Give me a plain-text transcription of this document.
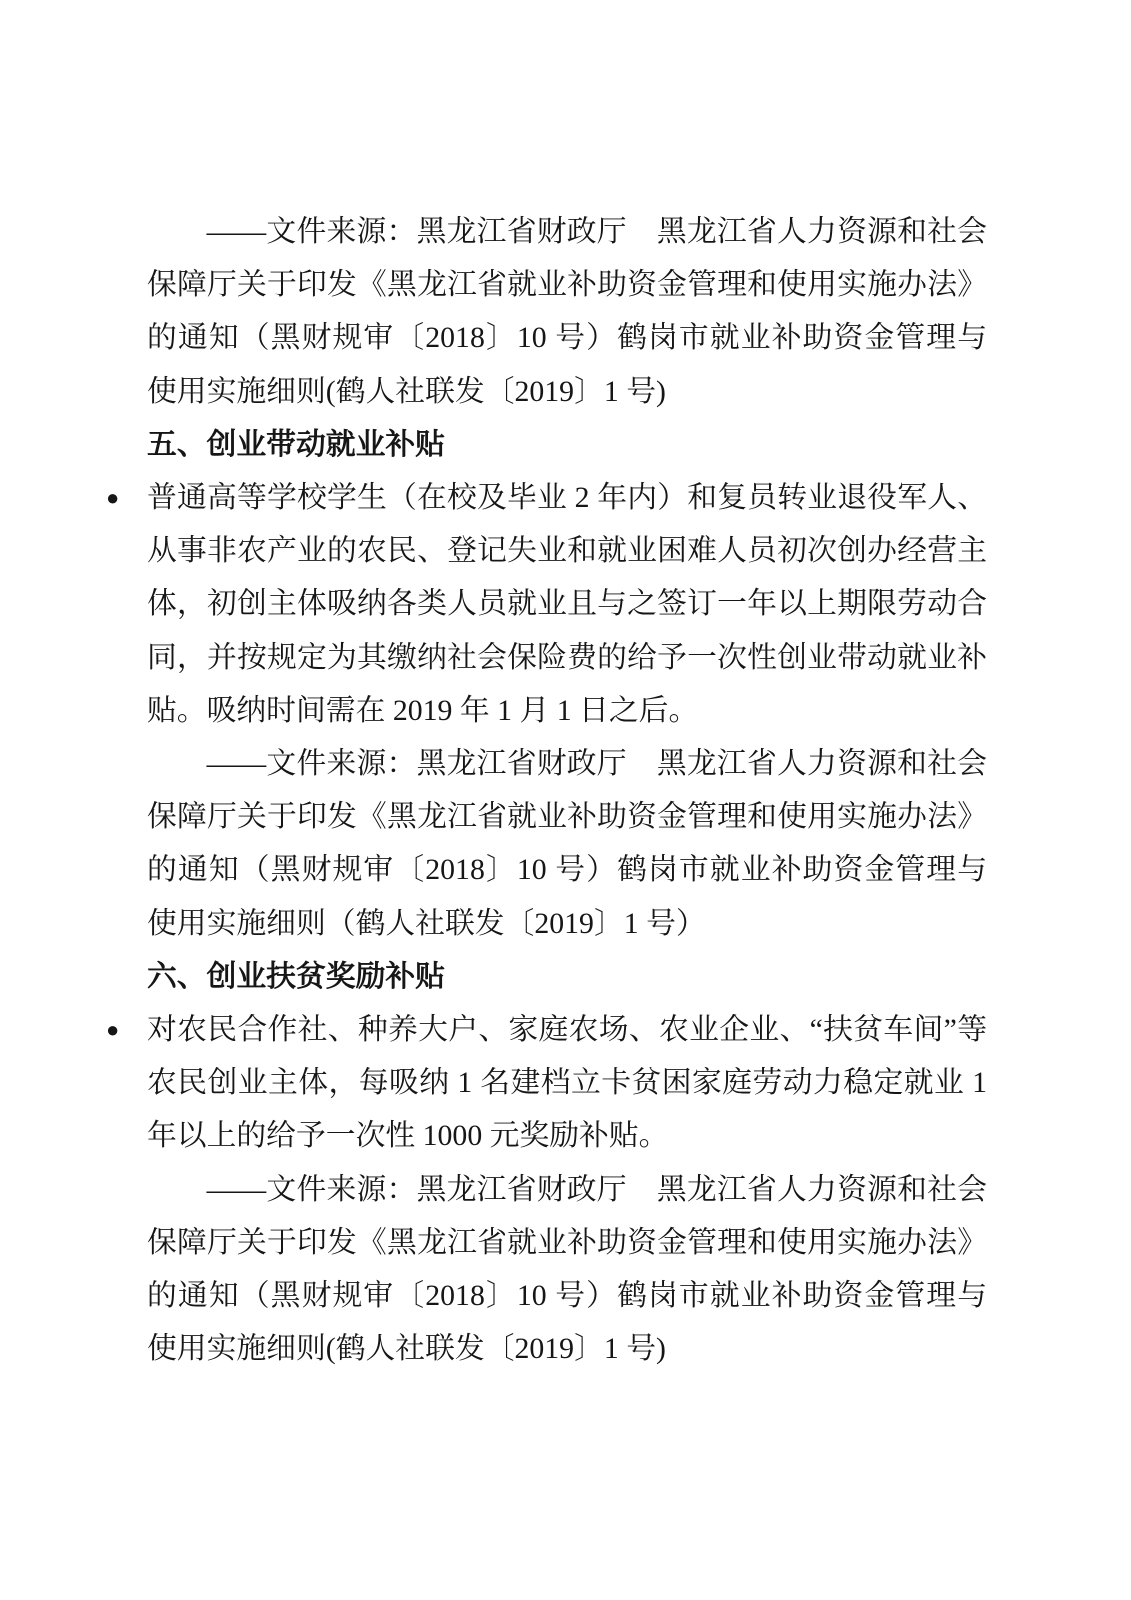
——文件来源：黑龙江省财政厅　黑龙江省人力资源和社会保障厅关于印发《黑龙江省就业补助资金管理和使用实施办法》的通知（黑财规审〔2018〕10 号）鹤岗市就业补助资金管理与使用实施细则(鹤人社联发〔2019〕1 号)

五、创业带动就业补贴
● 普通高等学校学生（在校及毕业 2 年内）和复员转业退役军人、从事非农产业的农民、登记失业和就业困难人员初次创办经营主体，初创主体吸纳各类人员就业且与之签订一年以上期限劳动合同，并按规定为其缴纳社会保险费的给予一次性创业带动就业补贴。吸纳时间需在 2019 年 1 月 1 日之后。

——文件来源：黑龙江省财政厅　黑龙江省人力资源和社会保障厅关于印发《黑龙江省就业补助资金管理和使用实施办法》的通知（黑财规审〔2018〕10 号）鹤岗市就业补助资金管理与使用实施细则（鹤人社联发〔2019〕1 号）

六、创业扶贫奖励补贴
● 对农民合作社、种养大户、家庭农场、农业企业、“扶贫车间”等农民创业主体，每吸纳 1 名建档立卡贫困家庭劳动力稳定就业 1 年以上的给予一次性 1000 元奖励补贴。

——文件来源：黑龙江省财政厅　黑龙江省人力资源和社会保障厅关于印发《黑龙江省就业补助资金管理和使用实施办法》的通知（黑财规审〔2018〕10 号）鹤岗市就业补助资金管理与使用实施细则(鹤人社联发〔2019〕1 号)
